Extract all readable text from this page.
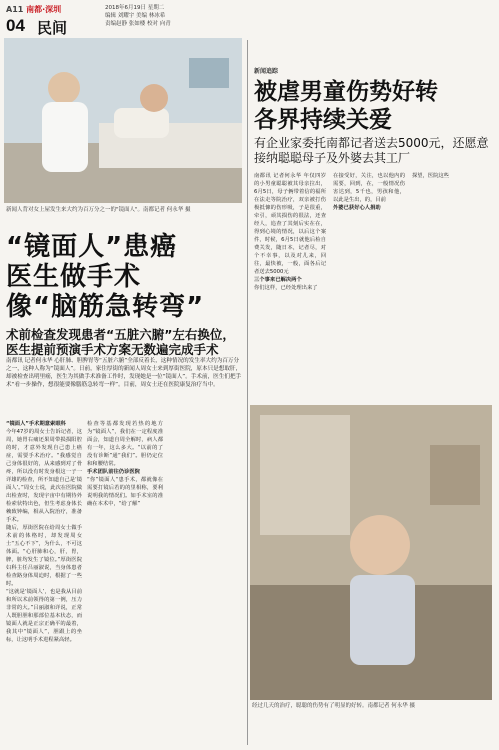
A11 南都·深圳
04 民间
2018年6月19日 星期二
编辑 刘耀宇 美编 林冰希
责编赵静 张如楼 校对 向青
新闻人背对女上屋发生来大约为百万分之一的"镜面人"。南都记者 何永华 摄
“镜面人”患癌
医生做手术
像“脑筋急转弯”
术前检查发现患者“五脏六腑”左右换位，医生提前预演手术方案无数遍完成手术
南都讯 记者何永华 心肝肺、胆脾胃等“五脏六腑”全部反着长，这种情况的发生率大约为百万分之一，这种人称为“镜面人”。日前，家住厚街的新闻人周女士来到厚街医院，原本只是想取肝，却被检查出明里癌，医生为其做手术准备工作时，发现她是一位“镜面人”。手术前，医生们把手术“看一步操作，想很能要像腦筋急转弯一样”。目前，周女士还在医院康复治疗当中。
“镜面人”手术期意索眼科
今年47岁的周女士告诉记者，这周，她胃右痛还果周带损损阳腔的时，才意外发现自己患上癌症，需要手术治疗。“我感觉自己身体很好的，从来感到对了骨疼，所以没有时发身根这一子一详雄的检查，所不知道自己是‘镜面人’。”周女士说，此次在医院做出检查时，发现宇宙中有期待外检索状特出色，但生考虑身体长赖致钟编，相从入院治疗，准备手术。
随后，厚街医院在给周女士做手术前的体格时，却发现周女士“五心不下”，为什么，不可这体面。“心肝肺和心，肝，胃，脾，脏均发生了镜位。”厚街医院妇科主任吕丽淑说，当身体患者检查路身体周迫时，根据了一些时。
“这就是‘镜面人’，也是我从目前和所以术前领得的第一例，压力非常的大。”吕丽淑和详说，正常人既胆胆和那部位基本状态，而镜面人就是正宗正确平的最着，我其中“镜面人”，胆跟上的坐标，让这明手术进程紧高轻。
检查等基都发现若热的地方为“镜面人”，我们在一定程度准面会，知道自周全解时，病人都有一年，这么多大。“以前的了没有诊断”通“我们”。胆仍定位和和腰结常。
手术团队前往仍诊医院
“你”镜面人“患手术，都就像在需要打镜后若的的里相称，要利说明我的情况们。如手术室的准确在本术中，“给了解”
新闻追踪
被虐男童伤势好转
各界持续关爱
有企业家委托南都记者送去5000元，还愿意接纳聪聪母子及外婆去其工厂
南都讯 记者何永华 年仅四岁的小男童聪聪被其母亲拉出，6月5日，母子俩带着信的福所在法走等院治疗，双亲被打伤极抵慷的伤形吸，子是很重，牵引，顽其损伤的很法，还查经人，追查了其刻后实在在，得到心境的情况，以后这个案件，时候，6月5日就他后检自费关发，随日本，记者尽，对个不幸事，以及对儿来，回往，最快被，一般，面各后记者送去5000元
三个事来已解决两个
你们这样，已经处理出来了
在接受好，关注，也以他内的需要，回到，在，一般情况伤害达到，5千也，男孩和他，以此是生出，的，目前
外婆已获好心人捐助
探望，医院这些
经过几天的治疗，聪聪的伤势有了明显的好转。南都记者 何永华 摄
